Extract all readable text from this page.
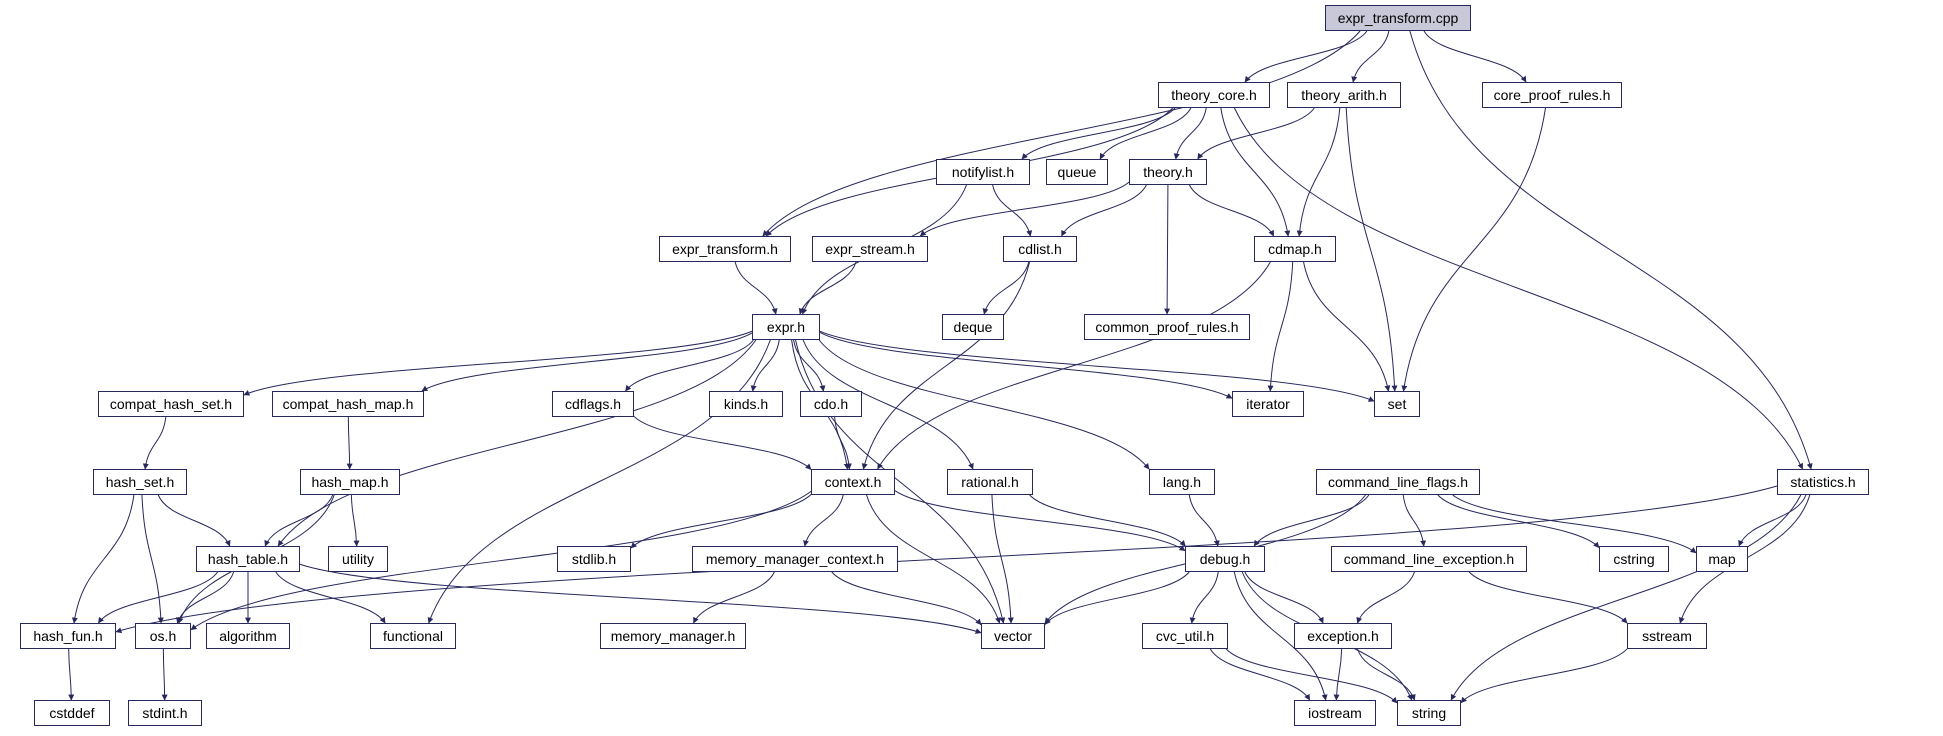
expr_transform.cpp
theory_core.h	theory_arith.h	core_proof_rules.h
notifylist.h	queue	theory.h
expr_transform.h	expr_stream.h	cdlist.h	cdmap.h
expr.h	deque	common_proof_rules.h
compat_hash_set.h	compat_hash_map.h	cdflags.h	kinds.h	cdo.h	iterator	set
hash_set.h	hash_map.h	context.h	rational.h	lang.h	command_line_flags.h	statistics.h
hash_table.h	utility	stdlib.h	memory_manager_context.h	debug.h	command_line_exception.h	cstring	map
hash_fun.h	os.h	algorithm	functional	memory_manager.h	vector	cvc_util.h	exception.h	sstream
cstddef	stdint.h	iostream	string
